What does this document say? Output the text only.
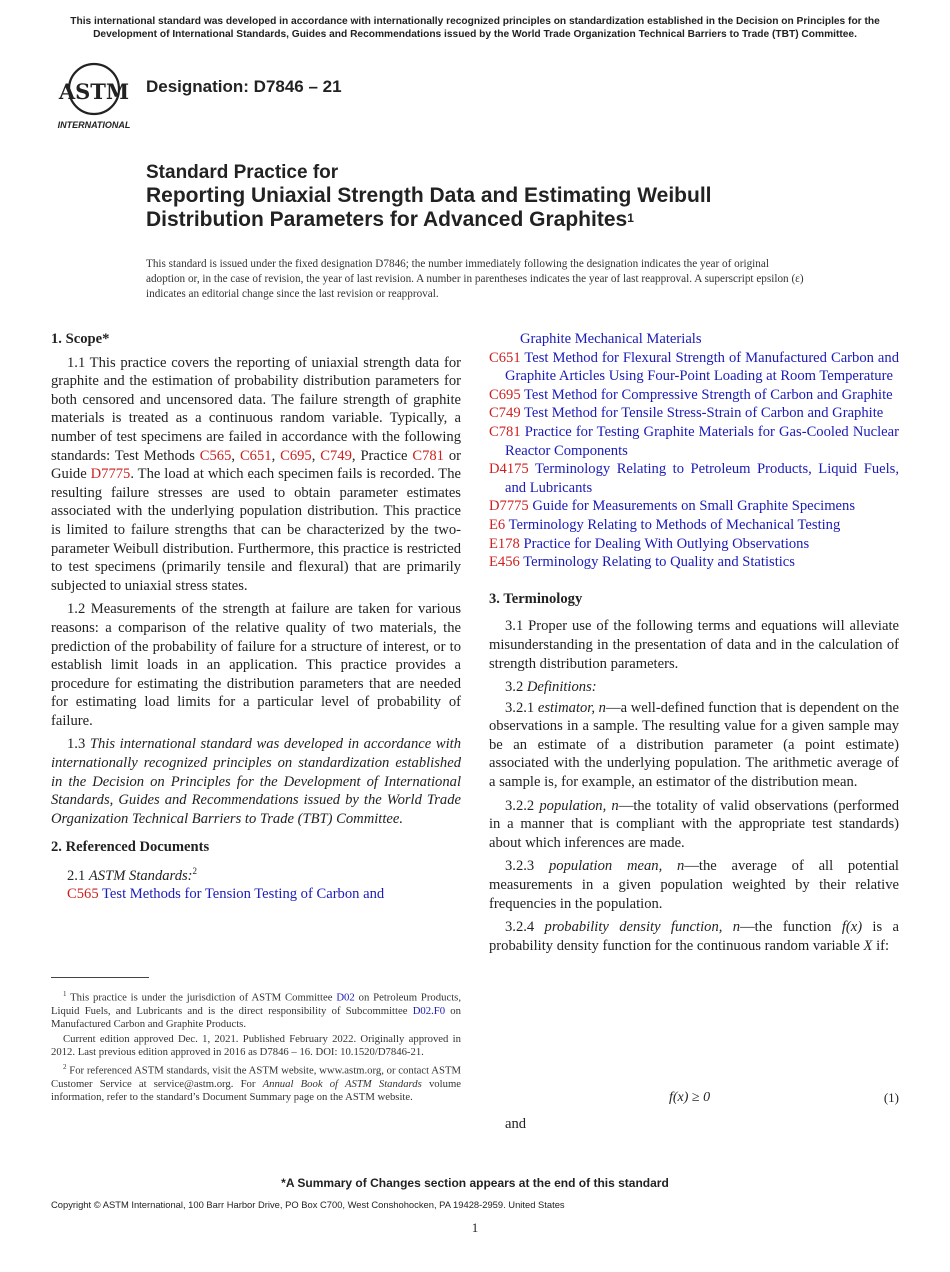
This international standard was developed in accordance with internationally recognized principles on standardization established in the Decision on Principles for the Development of International Standards, Guides and Recommendations issued by the World Trade Organization Technical Barriers to Trade (TBT) Committee.
ASTM
INTERNATIONAL
Designation: D7846 – 21
Standard Practice for
Reporting Uniaxial Strength Data and Estimating Weibull
Distribution Parameters for Advanced Graphites$^1$
This standard is issued under the fixed designation D7846; the number immediately following the designation indicates the year of original adoption or, in the case of revision, the year of last revision. A number in parentheses indicates the year of last reapproval. A superscript epsilon (ε) indicates an editorial change since the last revision or reapproval.
1. Scope*

1.1 This practice covers the reporting of uniaxial strength data for graphite and the estimation of probability distribution parameters for both censored and uncensored data. The failure strength of graphite materials is treated as a continuous random variable. Typically, a number of test specimens are failed in accordance with the following standards: Test Methods C565, C651, C695, C749, Practice C781 or Guide D7775. The load at which each specimen fails is recorded. The resulting failure stresses are used to obtain parameter estimates associated with the underlying population distribution. This practice is limited to failure strengths that can be characterized by the two-parameter Weibull distribution. Furthermore, this practice is restricted to test specimens (primarily tensile and flexural) that are primarily subjected to uniaxial stress states.

1.2 Measurements of the strength at failure are taken for various reasons: a comparison of the relative quality of two materials, the prediction of the probability of failure for a structure of interest, or to establish limit loads in an application. This practice provides a procedure for estimating the distribution parameters that are needed for estimating load limits for a particular level of probability of failure.

1.3 This international standard was developed in accordance with internationally recognized principles on standardization established in the Decision on Principles for the Development of International Standards, Guides and Recommendations issued by the World Trade Organization Technical Barriers to Trade (TBT) Committee.

2. Referenced Documents

2.1 ASTM Standards:$^2$

C565 Test Methods for Tension Testing of Carbon and

$^1$ This practice is under the jurisdiction of ASTM Committee D02 on Petroleum Products, Liquid Fuels, and Lubricants and is the direct responsibility of Subcommittee D02.F0 on Manufactured Carbon and Graphite Products.

Current edition approved Dec. 1, 2021. Published February 2022. Originally approved in 2012. Last previous edition approved in 2016 as D7846 – 16. DOI: 10.1520/D7846-21.

$^2$ For referenced ASTM standards, visit the ASTM website, www.astm.org, or contact ASTM Customer Service at service@astm.org. For Annual Book of ASTM Standards volume information, refer to the standard’s Document Summary page on the ASTM website.

Graphite Mechanical Materials

C651 Test Method for Flexural Strength of Manufactured Carbon and Graphite Articles Using Four-Point Loading at Room Temperature

C695 Test Method for Compressive Strength of Carbon and Graphite

C749 Test Method for Tensile Stress-Strain of Carbon and Graphite

C781 Practice for Testing Graphite Materials for Gas-Cooled Nuclear Reactor Components

D4175 Terminology Relating to Petroleum Products, Liquid Fuels, and Lubricants

D7775 Guide for Measurements on Small Graphite Specimens

E6 Terminology Relating to Methods of Mechanical Testing

E178 Practice for Dealing With Outlying Observations

E456 Terminology Relating to Quality and Statistics

3. Terminology

3.1 Proper use of the following terms and equations will alleviate misunderstanding in the presentation of data and in the calculation of strength distribution parameters.

3.2 Definitions:

3.2.1 estimator, n—a well-defined function that is dependent on the observations in a sample. The resulting value for a given sample may be an estimate of a distribution parameter (a point estimate) associated with the underlying population. The arithmetic average of a sample is, for example, an estimator of the distribution mean.

3.2.2 population, n—the totality of valid observations (performed in a manner that is compliant with the appropriate test standards) about which inferences are made.

3.2.3 population mean, n—the average of all potential measurements in a given population weighted by their relative frequencies in the population.

3.2.4 probability density function, n—the function f(x) is a probability density function for the continuous random variable X if:

f(x) ≥ 0	(1)
and
*A Summary of Changes section appears at the end of this standard
Copyright © ASTM International, 100 Barr Harbor Drive, PO Box C700, West Conshohocken, PA 19428-2959. United States
1
